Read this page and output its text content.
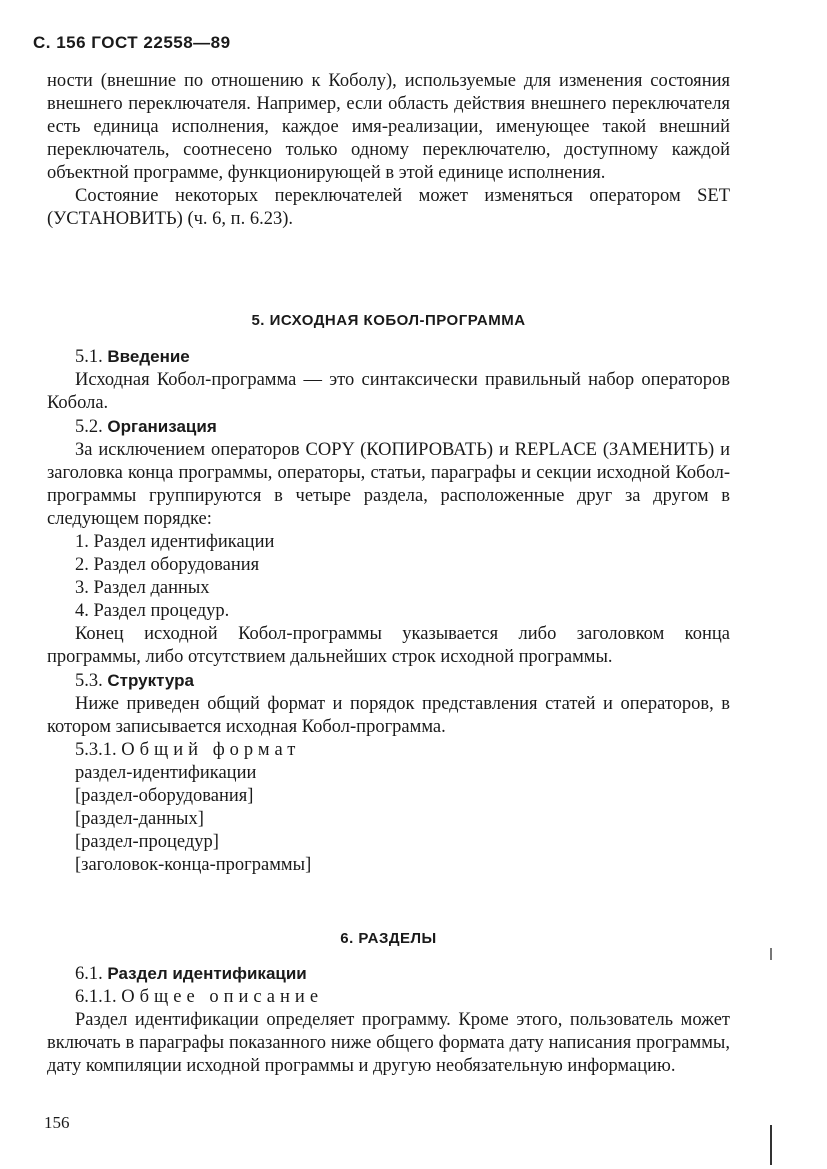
С. 156 ГОСТ 22558—89

ности (внешние по отношению к Коболу), используемые для изменения состояния внешнего переключателя. Например, если область действия внешнего переключателя есть единица исполнения, каждое имя-реализации, именующее такой внешний переключатель, соотнесено только одному переключателю, доступному каждой объектной программе, функционирующей в этой единице исполнения.

Состояние некоторых переключателей может изменяться оператором SET (УСТАНОВИТЬ) (ч. 6, п. 6.23).

5. ИСХОДНАЯ КОБОЛ-ПРОГРАММА
5.1. Введение

Исходная Кобол-программа — это синтаксически правильный набор операторов Кобола.

5.2. Организация

За исключением операторов COPY (КОПИРОВАТЬ) и REPLACE (ЗАМЕНИТЬ) и заголовка конца программы, операторы, статьи, параграфы и секции исходной Кобол-программы группируются в четыре раздела, расположенные друг за другом в следующем порядке:

1. Раздел идентификации
2. Раздел оборудования
3. Раздел данных
4. Раздел процедур.

Конец исходной Кобол-программы указывается либо заголовком конца программы, либо отсутствием дальнейших строк исходной программы.

5.3. Структура

Ниже приведен общий формат и порядок представления статей и операторов, в котором записывается исходная Кобол-программа.

5.3.1. Общий формат
раздел-идентификации
[раздел-оборудования]
[раздел-данных]
[раздел-процедур]
[заголовок-конца-программы]
6. РАЗДЕЛЫ
6.1. Раздел идентификации
6.1.1. Общее описание

Раздел идентификации определяет программу. Кроме этого, пользователь может включать в параграфы показанного ниже общего формата дату написания программы, дату компиляции исходной программы и другую необязательную информацию.

156
